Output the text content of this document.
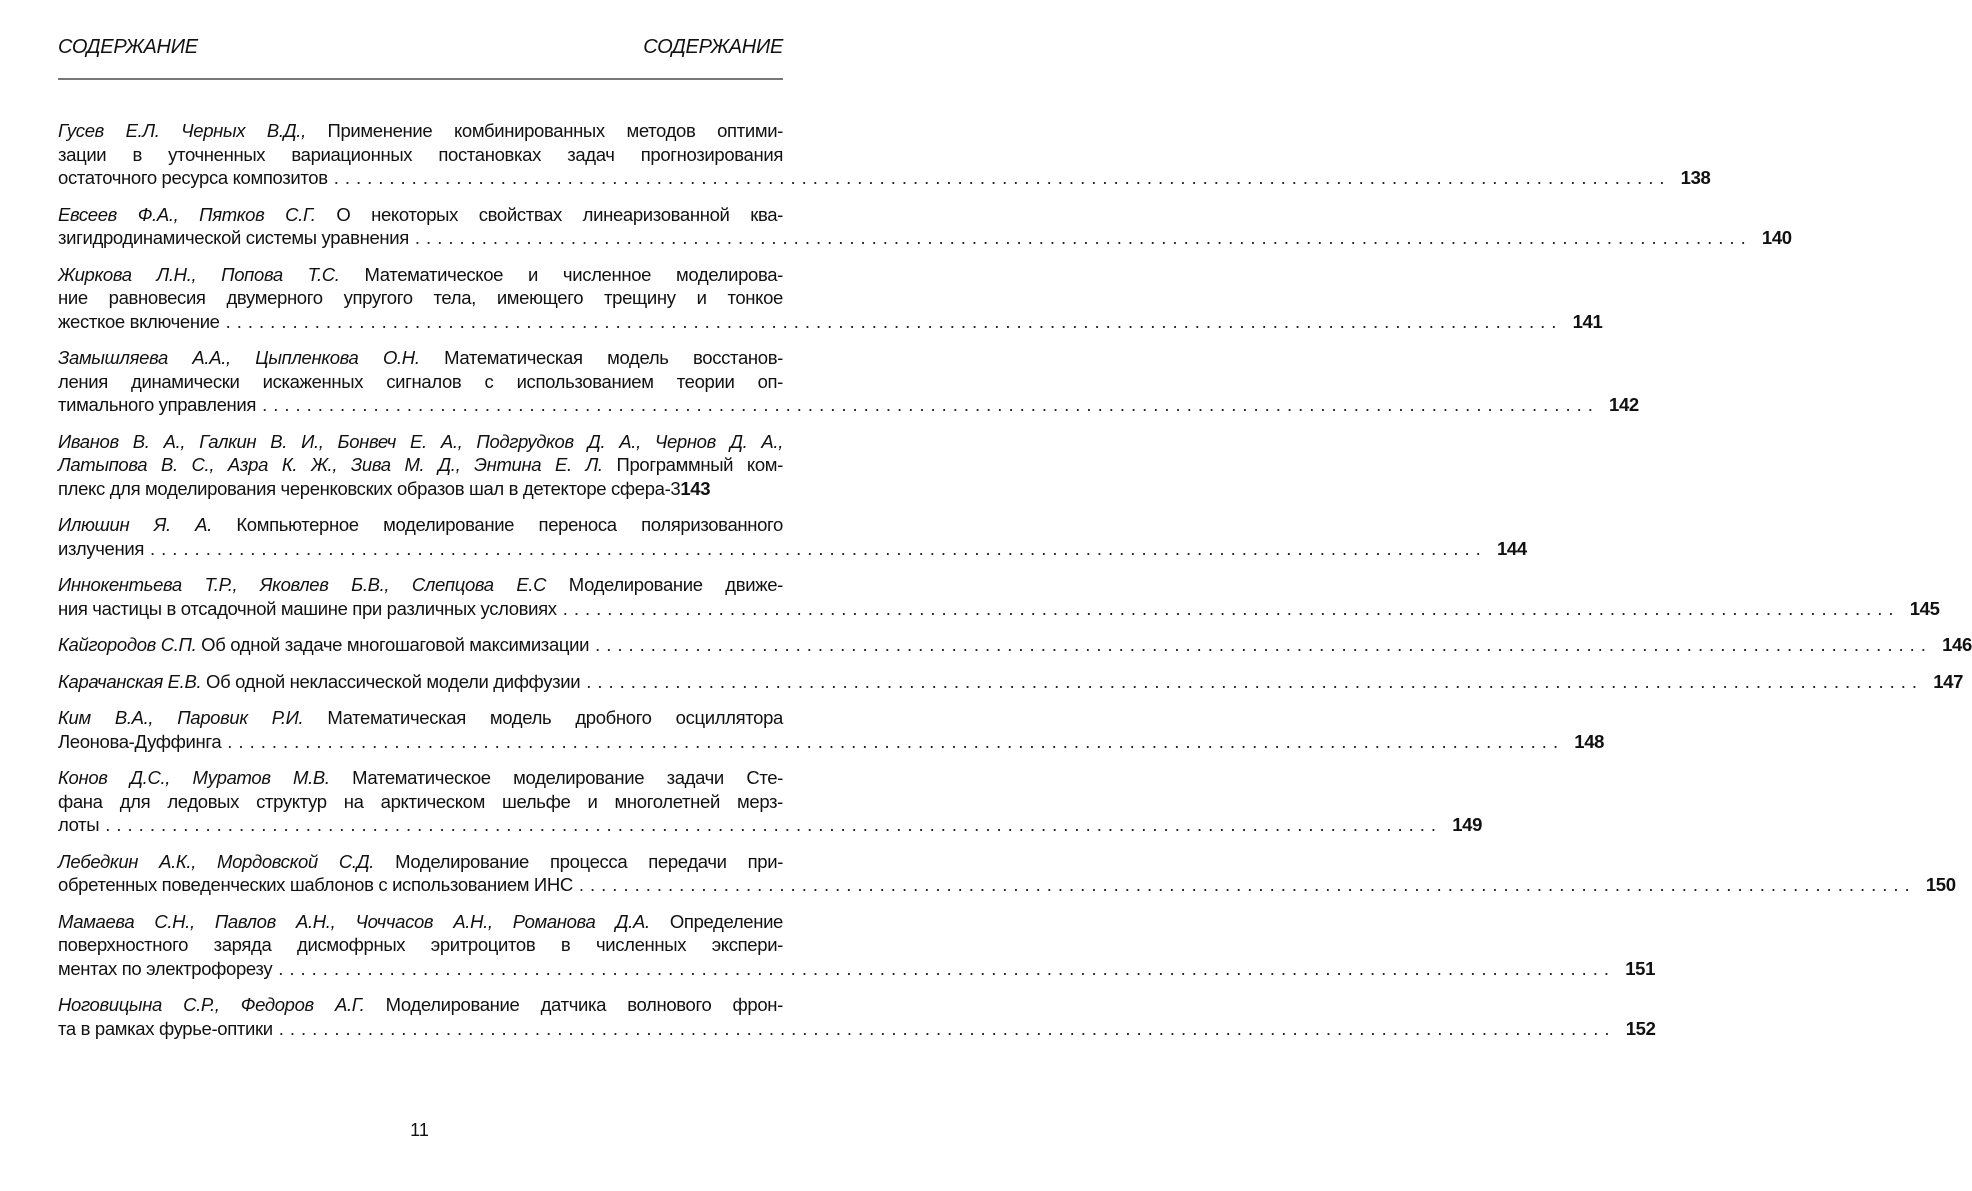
СОДЕРЖАНИЕ	СОДЕРЖАНИЕ
Гусев Е.Л. Черных В.Д., Применение комбинированных методов оптими-
зации в уточненных вариационных постановках задач прогнозирования
остаточного ресурса композитов ........................................................................................................................ 138
Евсеев Ф.А., Пятков С.Г. О некоторых свойствах линеаризованной ква-
зигидродинамической системы уравнения ........................................................................................................................ 140
Жиркова Л.Н., Попова Т.С. Математическое и численное моделирова-
ние равновесия двумерного упругого тела, имеющего трещину и тонкое
жесткое включение ........................................................................................................................ 141
Замышляева А.А., Цыпленкова О.Н. Математическая модель восстанов-
ления динамически искаженных сигналов с использованием теории оп-
тимального управления ........................................................................................................................ 142
Иванов В. А., Галкин В. И., Бонвеч Е. А., Подгрудков Д. А., Чернов Д. А.,
Латыпова В. С., Азра К. Ж., Зива М. Д., Энтина Е. Л. Программный ком-
плекс для моделирования черенковских образов шал в детекторе сфера-3 143
Илюшин Я. А. Компьютерное моделирование переноса поляризованного
излучения ........................................................................................................................ 144
Иннокентьева Т.Р., Яковлев Б.В., Слепцова Е.С Моделирование движе-
ния частицы в отсадочной машине при различных условиях ........................................................................................................................ 145
Кайгородов С.П. Об одной задаче многошаговой максимизации ........................................................................................................................ 146
Карачанская Е.В. Об одной неклассической модели диффузии ........................................................................................................................ 147
Ким В.А., Паровик Р.И. Математическая модель дробного осциллятора
Леонова-Дуффинга ........................................................................................................................ 148
Конов Д.С., Муратов М.В. Математическое моделирование задачи Сте-
фана для ледовых структур на арктическом шельфе и многолетней мерз-
лоты ........................................................................................................................ 149
Лебедкин А.К., Мордовской С.Д. Моделирование процесса передачи при-
обретенных поведенческих шаблонов с использованием ИНС ........................................................................................................................ 150
Мамаева С.Н., Павлов А.Н., Чоччасов А.Н., Романова Д.А. Определение
поверхностного заряда дисмофрных эритроцитов в численных экспери-
ментах по электрофорезу ........................................................................................................................ 151
Ноговицына С.Р., Федоров А.Г. Моделирование датчика волнового фрон-
та в рамках фурье-оптики ........................................................................................................................ 152
11
